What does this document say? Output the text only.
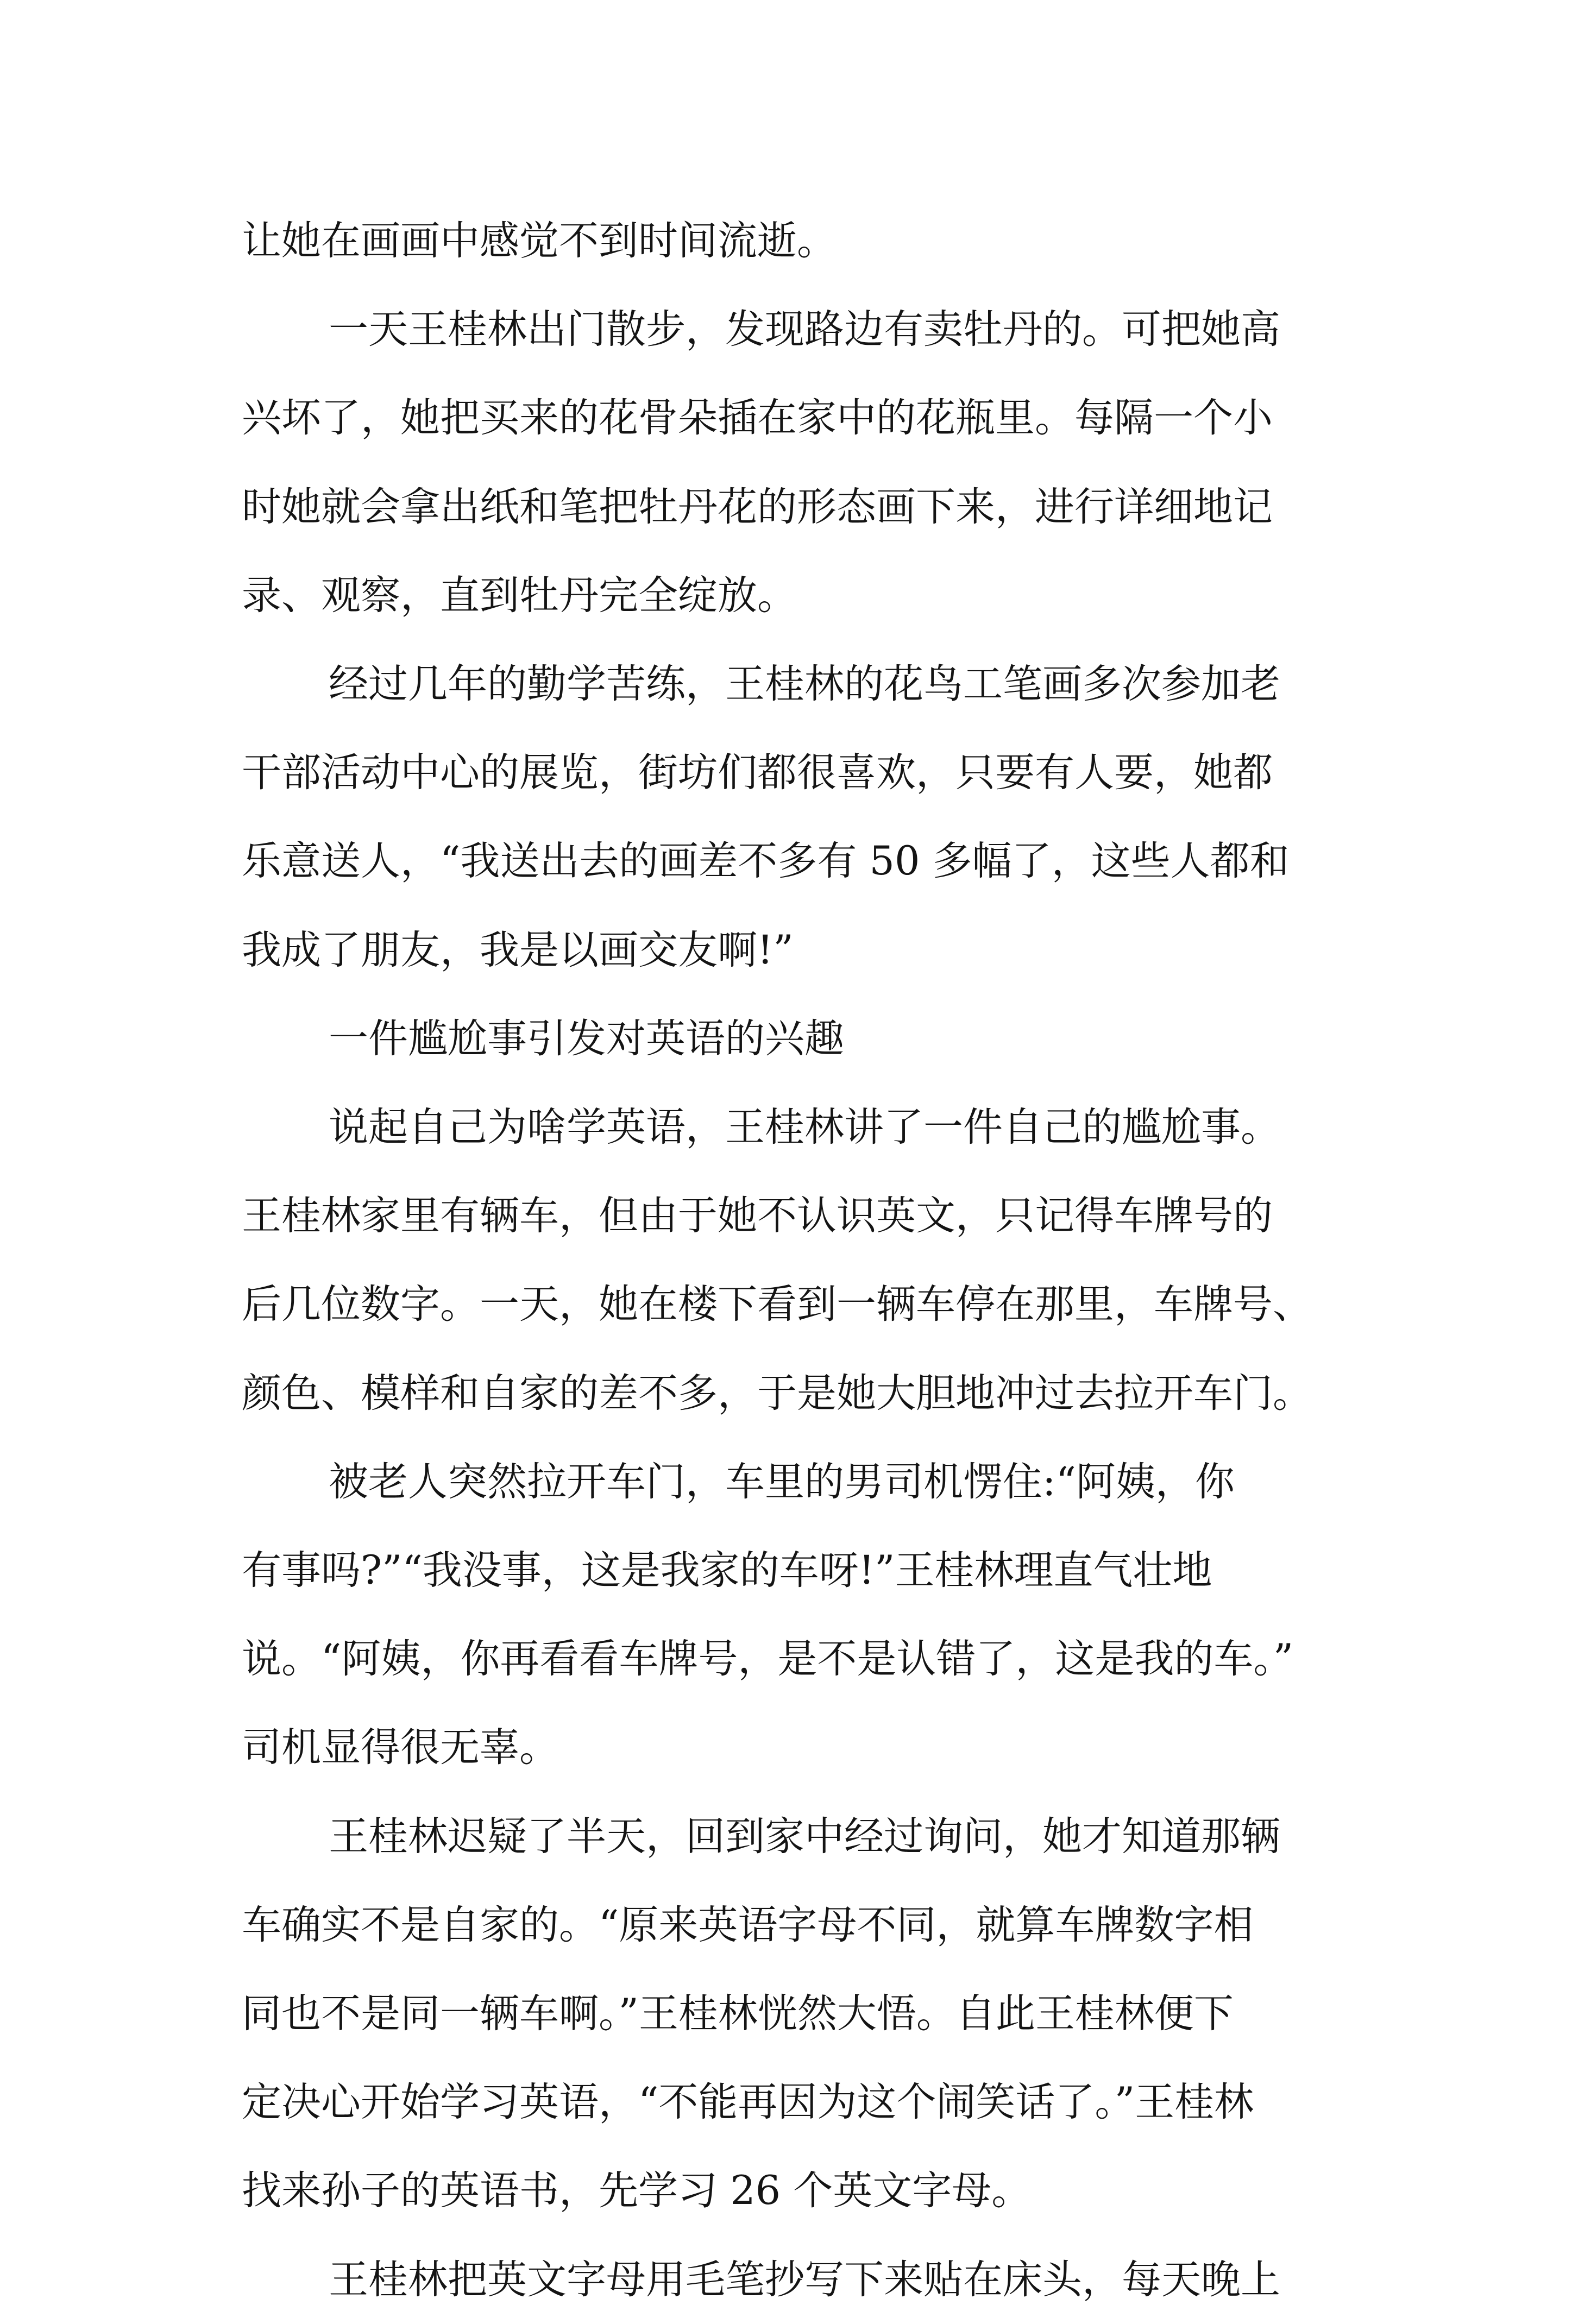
让她在画画中感觉不到时间流逝。
一天王桂林出门散步，发现路边有卖牡丹的。可把她高
兴坏了，她把买来的花骨朵插在家中的花瓶里。每隔一个小
时她就会拿出纸和笔把牡丹花的形态画下来，进行详细地记
录、观察，直到牡丹完全绽放。
经过几年的勤学苦练，王桂林的花鸟工笔画多次参加老
干部活动中心的展览，街坊们都很喜欢，只要有人要，她都
乐意送人，“我送出去的画差不多有 50 多幅了，这些人都和
我成了朋友，我是以画交友啊!”
一件尴尬事引发对英语的兴趣
说起自己为啥学英语，王桂林讲了一件自己的尴尬事。
王桂林家里有辆车，但由于她不认识英文，只记得车牌号的
后几位数字。一天，她在楼下看到一辆车停在那里，车牌号、
颜色、模样和自家的差不多，于是她大胆地冲过去拉开车门。
被老人突然拉开车门，车里的男司机愣住:“阿姨，你
有事吗?”“我没事，这是我家的车呀!”王桂林理直气壮地
说。“阿姨，你再看看车牌号，是不是认错了，这是我的车。”
司机显得很无辜。
王桂林迟疑了半天，回到家中经过询问，她才知道那辆
车确实不是自家的。“原来英语字母不同，就算车牌数字相
同也不是同一辆车啊。”王桂林恍然大悟。自此王桂林便下
定决心开始学习英语，“不能再因为这个闹笑话了。”王桂林
找来孙子的英语书，先学习 26 个英文字母。
王桂林把英文字母用毛笔抄写下来贴在床头，每天晚上
